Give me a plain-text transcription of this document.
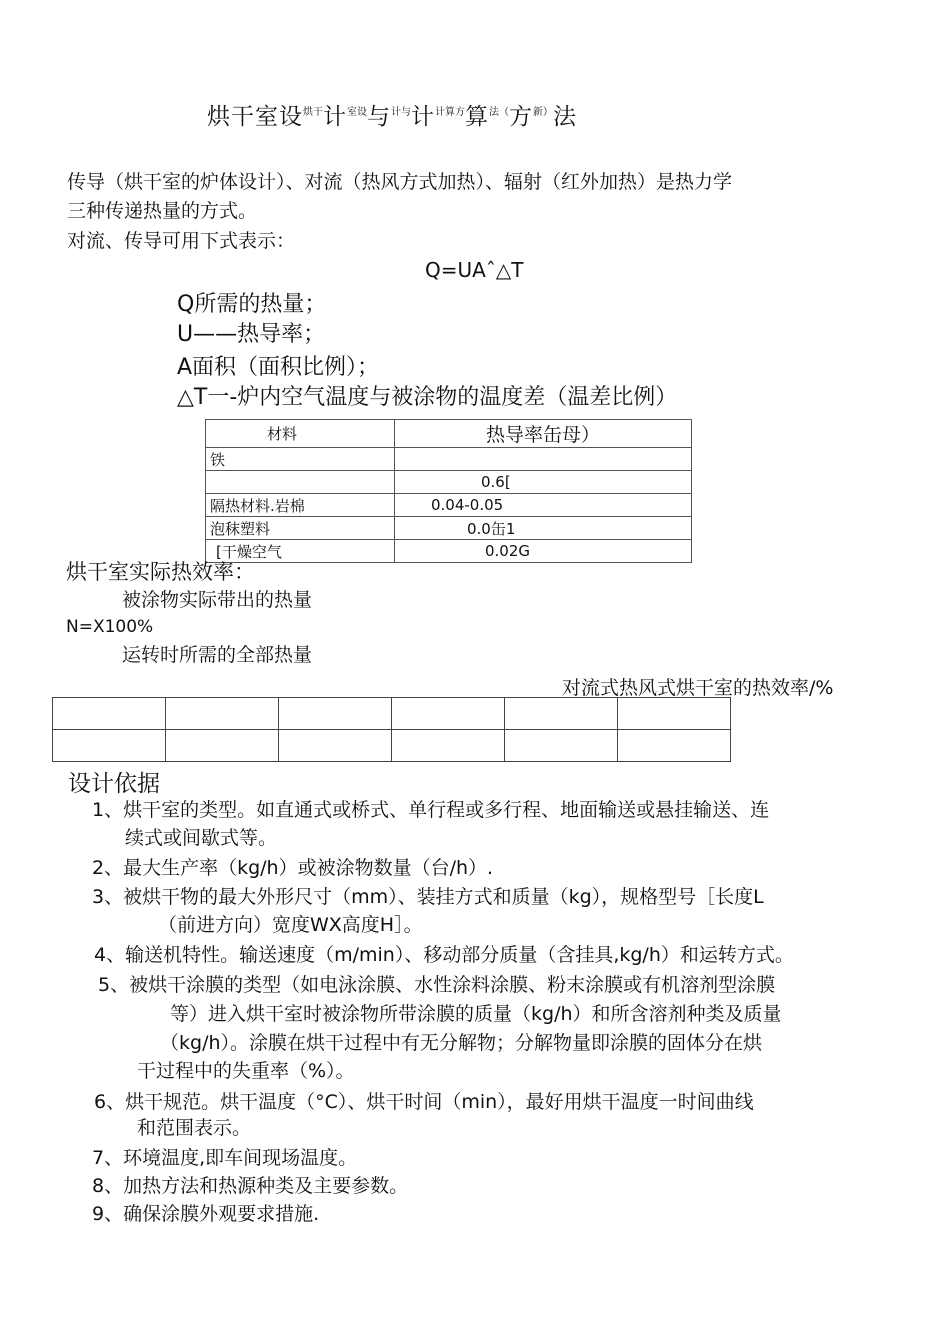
烘干室设$^{烘干}$计$^{室设}$与$^{计与}$计$^{计算方}$算$^{法(}$方$^{新)}$法
传导（烘干室的炉体设计）、对流（热风方式加热）、辐射（红外加热）是热力学
三种传递热量的方式。
对流、传导可用下式表示：
Q=UAˆ△T
Q所需的热量；
U——热导率；
A面积（面积比例）；
△T一-炉内空气温度与被涂物的温度差（温差比例）
材料	热导率缶母）
铁	
	0.6[
隔热材料.岩棉	0.04-0.05
泡秣塑料	0.0缶1
[干燥空气	0.02G
烘干室实际热效率：
被涂物实际带出的热量
N=X100%
运转时所需的全部热量
对流式热风式烘干室的热效率/%

设计依据
1、烘干室的类型。如直通式或桥式、单行程或多行程、地面输送或悬挂输送、连
续式或间歇式等。
2、最大生产率（kg/h）或被涂物数量（台/h）.
3、被烘干物的最大外形尺寸（mm）、装挂方式和质量（kg），规格型号［长度L
（前进方向）宽度WX高度H］。
4、输送机特性。输送速度（m/min）、移动部分质量（含挂具,kg/h）和运转方式。
5、被烘干涂膜的类型（如电泳涂膜、水性涂料涂膜、粉末涂膜或有机溶剂型涂膜
等）进入烘干室时被涂物所带涂膜的质量（kg/h）和所含溶剂种类及质量
（kg/h）。涂膜在烘干过程中有无分解物；分解物量即涂膜的固体分在烘
干过程中的失重率（%）。
6、烘干规范。烘干温度（°C）、烘干时间（min），最好用烘干温度一时间曲线
和范围表示。
7、环境温度,即车间现场温度。
8、加热方法和热源种类及主要参数。
9、确保涂膜外观要求措施.
